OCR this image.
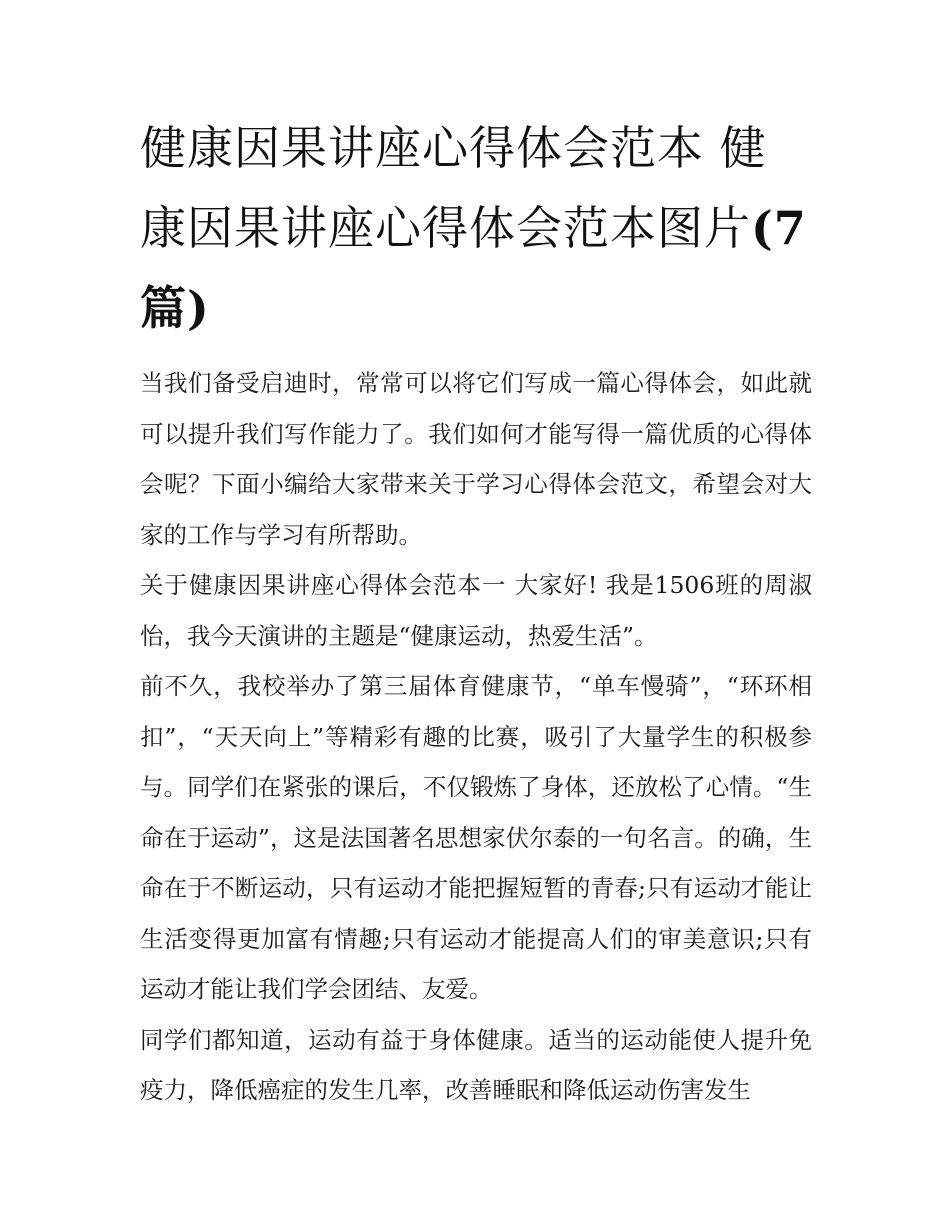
健康因果讲座心得体会范本 健康因果讲座心得体会范本图片(7篇)

当我们备受启迪时，常常可以将它们写成一篇心得体会，如此就可以提升我们写作能力了。我们如何才能写得一篇优质的心得体会呢？下面小编给大家带来关于学习心得体会范文，希望会对大家的工作与学习有所帮助。

关于健康因果讲座心得体会范本一 大家好! 我是1506班的周淑怡，我今天演讲的主题是“健康运动，热爱生活”。

前不久，我校举办了第三届体育健康节，“单车慢骑”，“环环相扣”，“天天向上”等精彩有趣的比赛，吸引了大量学生的积极参与。同学们在紧张的课后，不仅锻炼了身体，还放松了心情。“生命在于运动”，这是法国著名思想家伏尔泰的一句名言。的确，生命在于不断运动，只有运动才能把握短暂的青春;只有运动才能让生活变得更加富有情趣;只有运动才能提高人们的审美意识;只有运动才能让我们学会团结、友爱。

同学们都知道，运动有益于身体健康。适当的运动能使人提升免疫力，降低癌症的发生几率，改善睡眠和降低运动伤害发生
